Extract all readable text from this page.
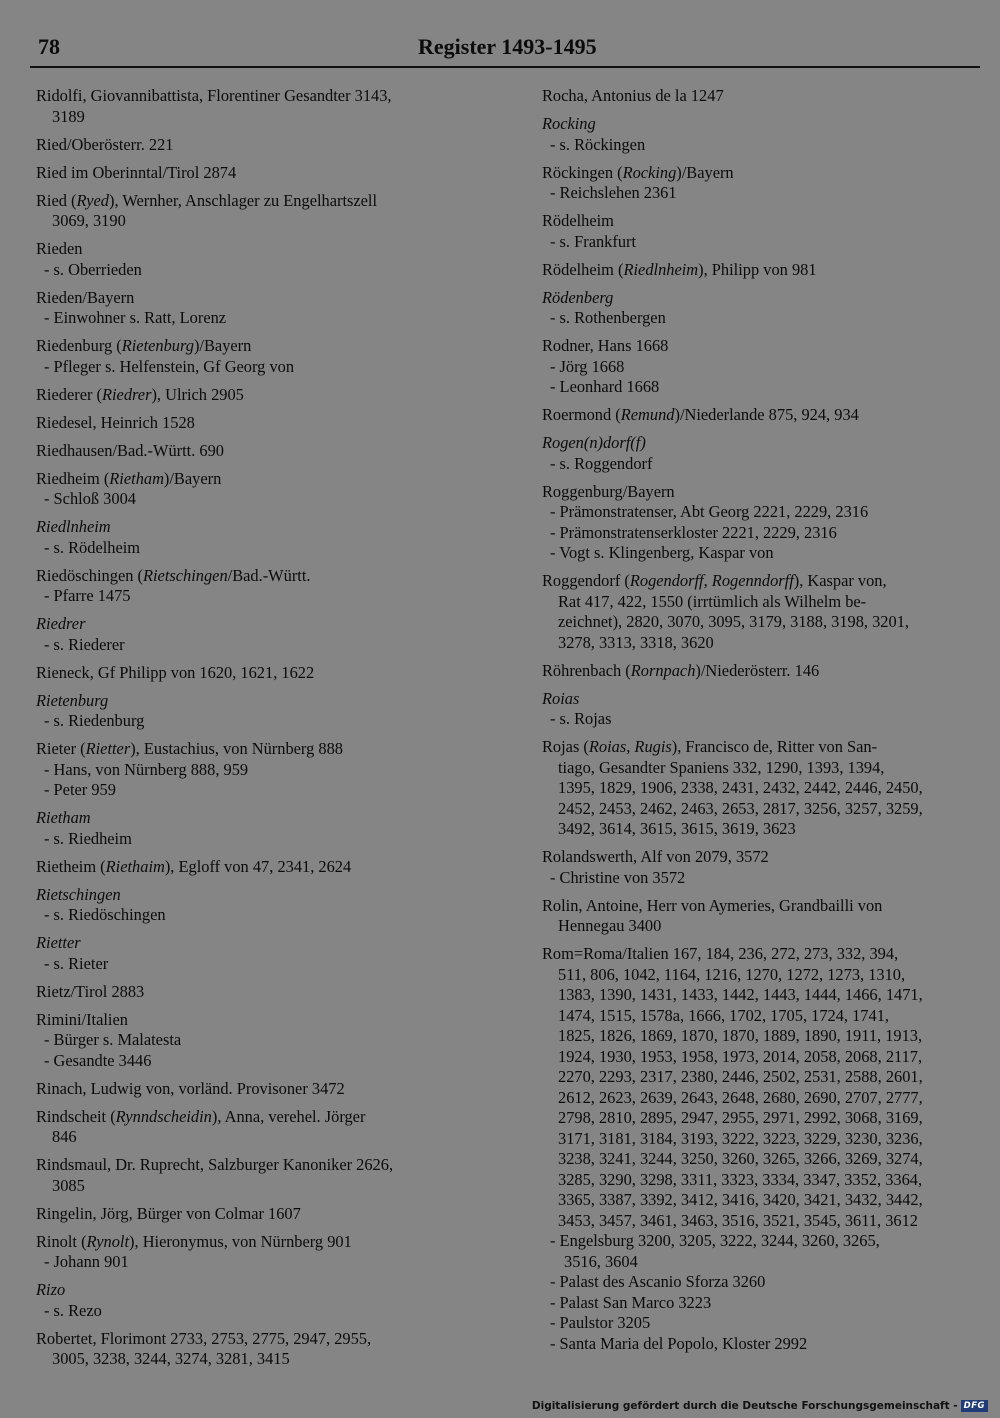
78	Register 1493-1495
Ridolfi, Giovannibattista, Florentiner Gesandter 3143,
3189
Ried/Oberösterr. 221
Ried im Oberinntal/Tirol 2874
Ried (Ryed), Wernher, Anschlager zu Engelhartszell
3069, 3190
Rieden
- s. Oberrieden
Rieden/Bayern
- Einwohner s. Ratt, Lorenz
Riedenburg (Rietenburg)/Bayern
- Pfleger s. Helfenstein, Gf Georg von
Riederer (Riedrer), Ulrich 2905
Riedesel, Heinrich 1528
Riedhausen/Bad.-Württ. 690
Riedheim (Rietham)/Bayern
- Schloß 3004
Riedlnheim
- s. Rödelheim
Riedöschingen (Rietschingen/Bad.-Württ.
- Pfarre 1475
Riedrer
- s. Riederer
Rieneck, Gf Philipp von 1620, 1621, 1622
Rietenburg
- s. Riedenburg
Rieter (Rietter), Eustachius, von Nürnberg 888
- Hans, von Nürnberg 888, 959
- Peter 959
Rietham
- s. Riedheim
Rietheim (Riethaim), Egloff von 47, 2341, 2624
Rietschingen
- s. Riedöschingen
Rietter
- s. Rieter
Rietz/Tirol 2883
Rimini/Italien
- Bürger s. Malatesta
- Gesandte 3446
Rinach, Ludwig von, vorländ. Provisoner 3472
Rindscheit (Rynndscheidin), Anna, verehel. Jörger
846
Rindsmaul, Dr. Ruprecht, Salzburger Kanoniker 2626,
3085
Ringelin, Jörg, Bürger von Colmar 1607
Rinolt (Rynolt), Hieronymus, von Nürnberg 901
- Johann 901
Rizo
- s. Rezo
Robertet, Florimont 2733, 2753, 2775, 2947, 2955,
3005, 3238, 3244, 3274, 3281, 3415
Rocha, Antonius de la 1247
Rocking
- s. Röckingen
Röckingen (Rocking)/Bayern
- Reichslehen 2361
Rödelheim
- s. Frankfurt
Rödelheim (Riedlnheim), Philipp von 981
Rödenberg
- s. Rothenbergen
Rodner, Hans 1668
- Jörg 1668
- Leonhard 1668
Roermond (Remund)/Niederlande 875, 924, 934
Rogen(n)dorf(f)
- s. Roggendorf
Roggenburg/Bayern
- Prämonstratenser, Abt Georg 2221, 2229, 2316
- Prämonstratenserkloster 2221, 2229, 2316
- Vogt s. Klingenberg, Kaspar von
Roggendorf (Rogendorff, Rogenndorff), Kaspar von,
Rat 417, 422, 1550 (irrtümlich als Wilhelm be-
zeichnet), 2820, 3070, 3095, 3179, 3188, 3198, 3201,
3278, 3313, 3318, 3620
Röhrenbach (Rornpach)/Niederösterr. 146
Roias
- s. Rojas
Rojas (Roias, Rugis), Francisco de, Ritter von San-
tiago, Gesandter Spaniens 332, 1290, 1393, 1394,
1395, 1829, 1906, 2338, 2431, 2432, 2442, 2446, 2450,
2452, 2453, 2462, 2463, 2653, 2817, 3256, 3257, 3259,
3492, 3614, 3615, 3615, 3619, 3623
Rolandswerth, Alf von 2079, 3572
- Christine von 3572
Rolin, Antoine, Herr von Aymeries, Grandbailli von
Hennegau 3400
Rom=Roma/Italien 167, 184, 236, 272, 273, 332, 394,
511, 806, 1042, 1164, 1216, 1270, 1272, 1273, 1310,
1383, 1390, 1431, 1433, 1442, 1443, 1444, 1466, 1471,
1474, 1515, 1578a, 1666, 1702, 1705, 1724, 1741,
1825, 1826, 1869, 1870, 1870, 1889, 1890, 1911, 1913,
1924, 1930, 1953, 1958, 1973, 2014, 2058, 2068, 2117,
2270, 2293, 2317, 2380, 2446, 2502, 2531, 2588, 2601,
2612, 2623, 2639, 2643, 2648, 2680, 2690, 2707, 2777,
2798, 2810, 2895, 2947, 2955, 2971, 2992, 3068, 3169,
3171, 3181, 3184, 3193, 3222, 3223, 3229, 3230, 3236,
3238, 3241, 3244, 3250, 3260, 3265, 3266, 3269, 3274,
3285, 3290, 3298, 3311, 3323, 3334, 3347, 3352, 3364,
3365, 3387, 3392, 3412, 3416, 3420, 3421, 3432, 3442,
3453, 3457, 3461, 3463, 3516, 3521, 3545, 3611, 3612
- Engelsburg 3200, 3205, 3222, 3244, 3260, 3265,
3516, 3604
- Palast des Ascanio Sforza 3260
- Palast San Marco 3223
- Paulstor 3205
- Santa Maria del Popolo, Kloster 2992
Digitalisierung gefördert durch die Deutsche Forschungsgemeinschaft - DFG
